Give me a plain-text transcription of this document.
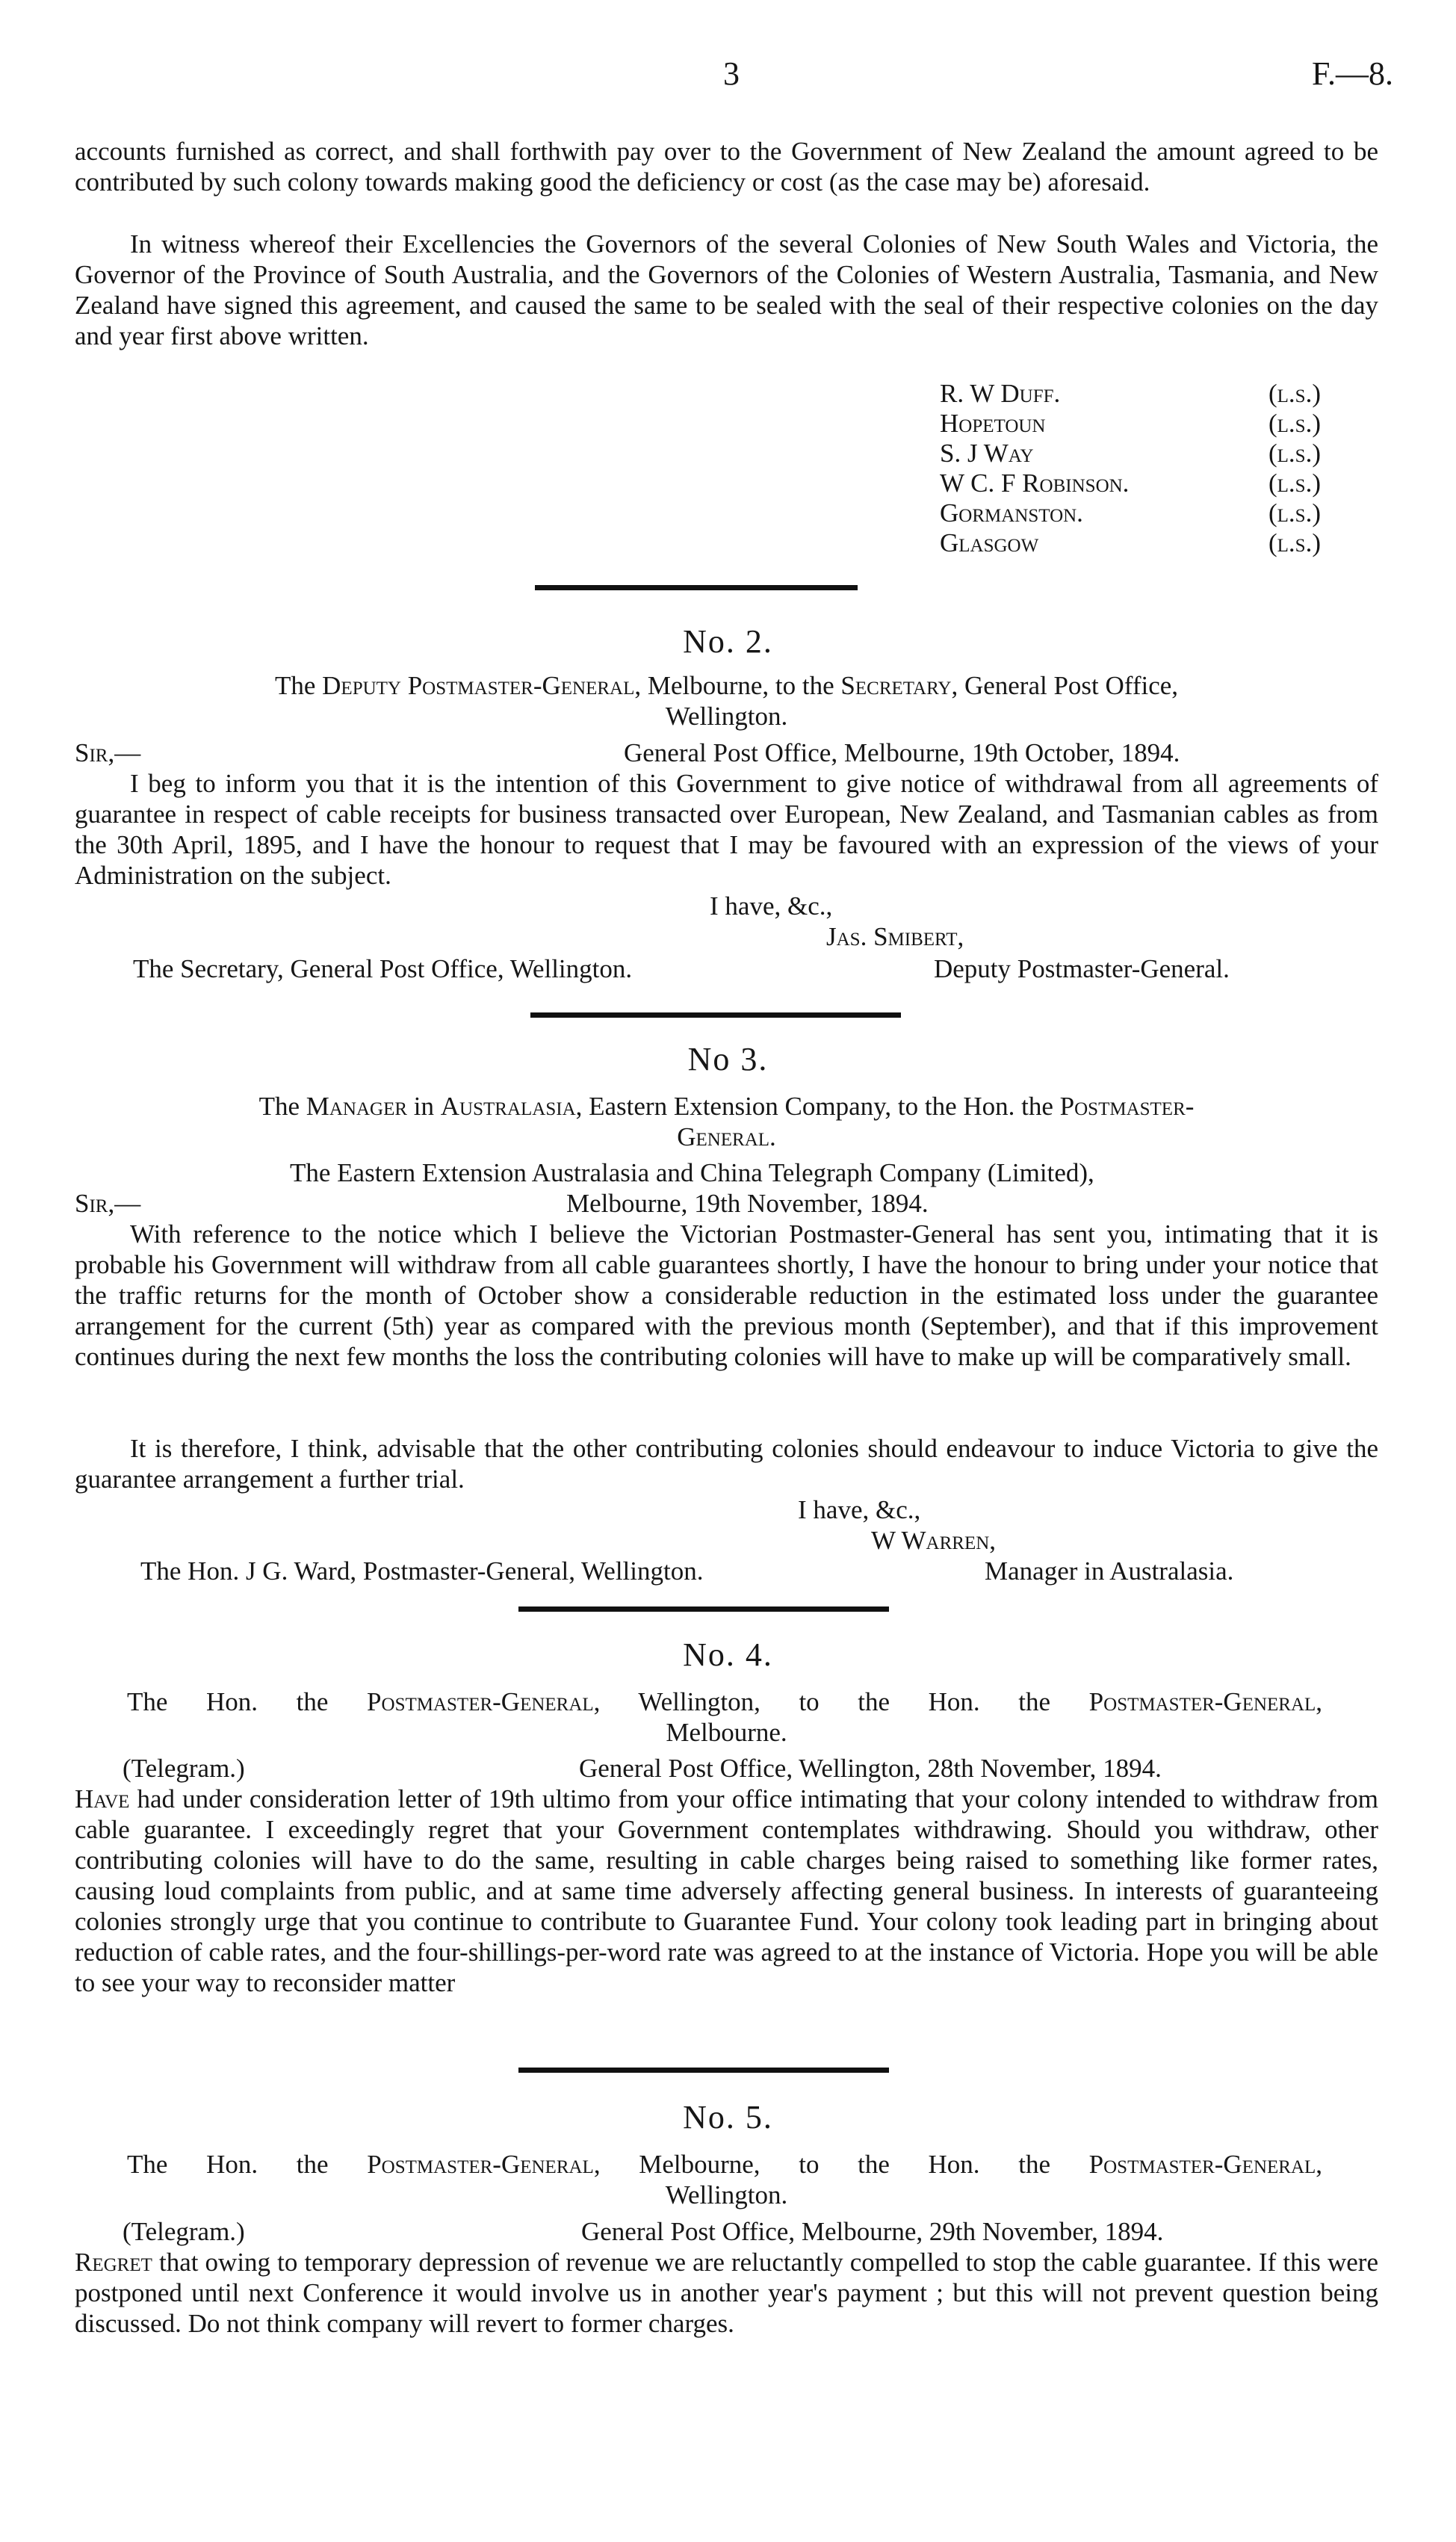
3	F.—8.
accounts furnished as correct, and shall forthwith pay over to the Government of New Zealand the amount agreed to be contributed by such colony towards making good the deficiency or cost (as the case may be) aforesaid.
In witness whereof their Excellencies the Governors of the several Colonies of New South Wales and Victoria, the Governor of the Province of South Australia, and the Governors of the Colonies of Western Australia, Tasmania, and New Zealand have signed this agreement, and caused the same to be sealed with the seal of their respective colonies on the day and year first above written.
R. W Duff.	(l.s.)
Hopetoun	(l.s.)
S. J Way	(l.s.)
W C. F Robinson.	(l.s.)
Gormanston.	(l.s.)
Glasgow	(l.s.)
No. 2.
The Deputy Postmaster-General, Melbourne, to the Secretary, General Post Office,
Wellington.
Sir,—	General Post Office, Melbourne, 19th October, 1894.
I beg to inform you that it is the intention of this Government to give notice of withdrawal from all agreements of guarantee in respect of cable receipts for business transacted over European, New Zealand, and Tasmanian cables as from the 30th April, 1895, and I have the honour to request that I may be favoured with an expression of the views of your Administration on the subject.
I have, &c.,
Jas. Smibert,
The Secretary, General Post Office, Wellington.	Deputy Postmaster-General.
No 3.
The Manager in Australasia, Eastern Extension Company, to the Hon. the Postmaster-
General.
The Eastern Extension Australasia and China Telegraph Company (Limited),
Sir,—	Melbourne, 19th November, 1894.
With reference to the notice which I believe the Victorian Postmaster-General has sent you, intimating that it is probable his Government will withdraw from all cable guarantees shortly, I have the honour to bring under your notice that the traffic returns for the month of October show a considerable reduction in the estimated loss under the guarantee arrangement for the current (5th) year as compared with the previous month (September), and that if this improvement continues during the next few months the loss the contributing colonies will have to make up will be comparatively small.
It is therefore, I think, advisable that the other contributing colonies should endeavour to induce Victoria to give the guarantee arrangement a further trial.
I have, &c.,
W Warren,
The Hon. J G. Ward, Postmaster-General, Wellington.	Manager in Australasia.
No. 4.
The Hon. the Postmaster-General, Wellington, to the Hon. the Postmaster-General,
Melbourne.
(Telegram.)	General Post Office, Wellington, 28th November, 1894.
Have had under consideration letter of 19th ultimo from your office intimating that your colony intended to withdraw from cable guarantee. I exceedingly regret that your Government contemplates withdrawing. Should you withdraw, other contributing colonies will have to do the same, resulting in cable charges being raised to something like former rates, causing loud complaints from public, and at same time adversely affecting general business. In interests of guaranteeing colonies strongly urge that you continue to contribute to Guarantee Fund. Your colony took leading part in bringing about reduction of cable rates, and the four-shillings-per-word rate was agreed to at the instance of Victoria. Hope you will be able to see your way to reconsider matter
No. 5.
The Hon. the Postmaster-General, Melbourne, to the Hon. the Postmaster-General,
Wellington.
(Telegram.)	General Post Office, Melbourne, 29th November, 1894.
Regret that owing to temporary depression of revenue we are reluctantly compelled to stop the cable guarantee. If this were postponed until next Conference it would involve us in another year's payment ; but this will not prevent question being discussed. Do not think company will revert to former charges.
